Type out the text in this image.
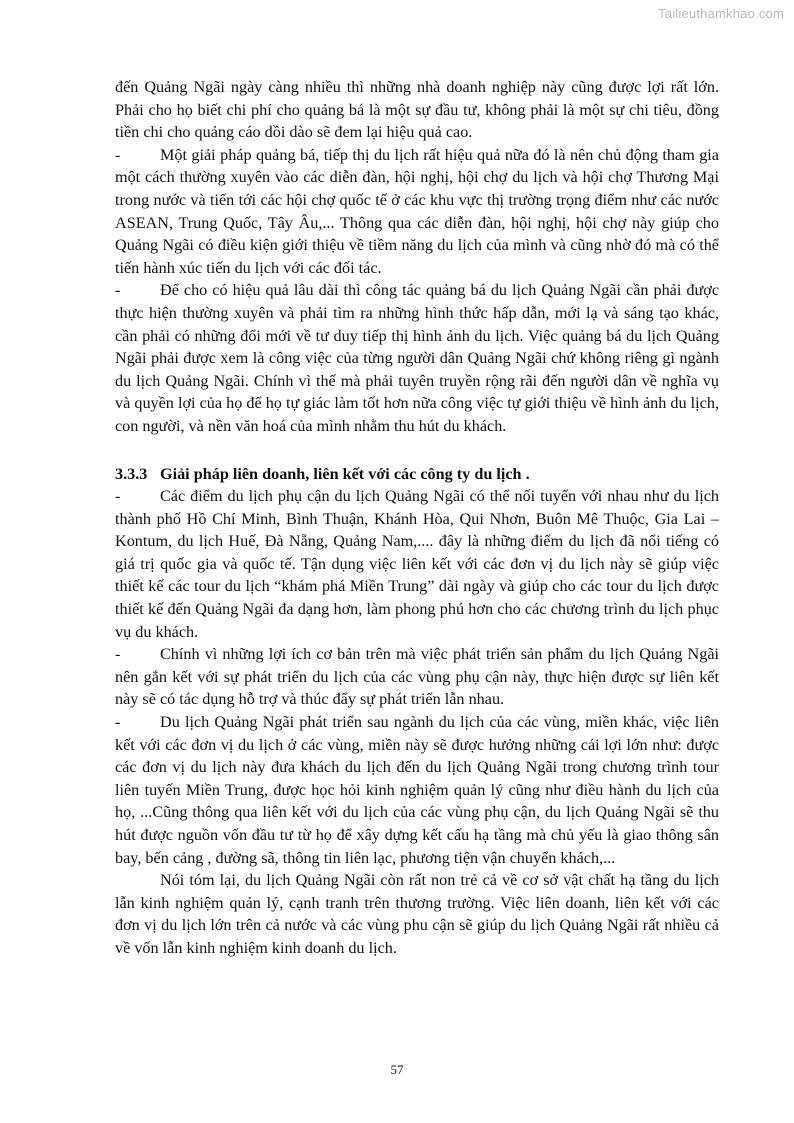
Tailieuthamkhao.com

đến Quảng Ngãi ngày càng nhiều thì những nhà doanh nghiệp này cũng được lợi rất lớn. Phải cho họ biết chi phí cho quảng bá là một sự đầu tư, không phải là một sự chi tiêu, đồng tiền chi cho quảng cáo dồi dào sẽ đem lại hiệu quả cao.

- Một giải pháp quảng bá, tiếp thị du lịch rất hiệu quả nữa đó là nên chủ động tham gia một cách thường xuyên vào các diễn đàn, hội nghị, hội chợ du lịch và hội chợ Thương Mại trong nước và tiến tới các hội chợ quốc tế ở các khu vực thị trường trọng điểm như các nước ASEAN, Trung Quốc, Tây Âu,... Thông qua các diễn đàn, hội nghị, hội chợ này giúp cho Quảng Ngãi có điều kiện giới thiệu về tiềm năng du lịch của mình và cũng nhờ đó mà có thể tiến hành xúc tiến du lịch với các đối tác.

- Để cho có hiệu quả lâu dài thì công tác quảng bá du lịch Quảng Ngãi cần phải được thực hiện thường xuyên và phải tìm ra những hình thức hấp dẫn, mới lạ và sáng tạo khác, cần phải có những đổi mới về tư duy tiếp thị hình ảnh du lịch. Việc quảng bá du lịch Quảng Ngãi phải được xem là công việc của từng người dân Quảng Ngãi chứ không riêng gì ngành du lịch Quảng Ngãi. Chính vì thế mà phải tuyên truyền rộng rãi đến người dân về nghĩa vụ và quyền lợi của họ để họ tự giác làm tốt hơn nữa công việc tự giới thiệu về hình ảnh du lịch, con người, và nền văn hoá của mình nhằm thu hút du khách.

3.3.3 Giải pháp liên doanh, liên kết với các công ty du lịch .

- Các điểm du lịch phụ cận du lịch Quảng Ngãi có thể nối tuyến với nhau như du lịch thành phố Hồ Chí Minh, Bình Thuận, Khánh Hòa, Qui Nhơn, Buôn Mê Thuộc, Gia Lai – Kontum, du lịch Huế, Đà Nẵng, Quảng Nam,.... đây là những điểm du lịch đã nổi tiếng có giá trị quốc gia và quốc tế. Tận dụng việc liên kết với các đơn vị du lịch này sẽ giúp việc thiết kế các tour du lịch “khám phá Miền Trung” dài ngày và giúp cho các tour du lịch được thiết kế đến Quảng Ngãi đa dạng hơn, làm phong phú hơn cho các chương trình du lịch phục vụ du khách.

- Chính vì những lợi ích cơ bản trên mà việc phát triển sản phẩm du lịch Quảng Ngãi nên gắn kết với sự phát triển du lịch của các vùng phụ cận này, thực hiện được sự liên kết này sẽ có tác dụng hỗ trợ và thúc đẩy sự phát triển lẫn nhau.

- Du lịch Quảng Ngãi phát triển sau ngành du lịch của các vùng, miền khác, việc liên kết với các đơn vị du lịch ở các vùng, miền này sẽ được hưởng những cái lợi lớn như: được các đơn vị du lịch này đưa khách du lịch đến du lịch Quảng Ngãi trong chương trình tour liên tuyến Miền Trung, được học hỏi kinh nghiệm quản lý cũng như điều hành du lịch của họ, ...Cũng thông qua liên kết với du lịch của các vùng phụ cận, du lịch Quảng Ngãi sẽ thu hút được nguồn vốn đầu tư từ họ để xây dựng kết cấu hạ tầng mà chủ yếu là giao thông sân bay, bến cảng , đường sã, thông tin liên lạc, phương tiện vận chuyển khách,...

Nói tóm lại, du lịch Quảng Ngãi còn rất non trẻ cả về cơ sở vật chất hạ tầng du lịch lẫn kinh nghiệm quản lý, cạnh tranh trên thương trường. Việc liên doanh, liên kết với các đơn vị du lịch lớn trên cả nước và các vùng phu cận sẽ giúp du lịch Quảng Ngãi rất nhiều cả về vốn lẫn kinh nghiệm kinh doanh du lịch.

57
